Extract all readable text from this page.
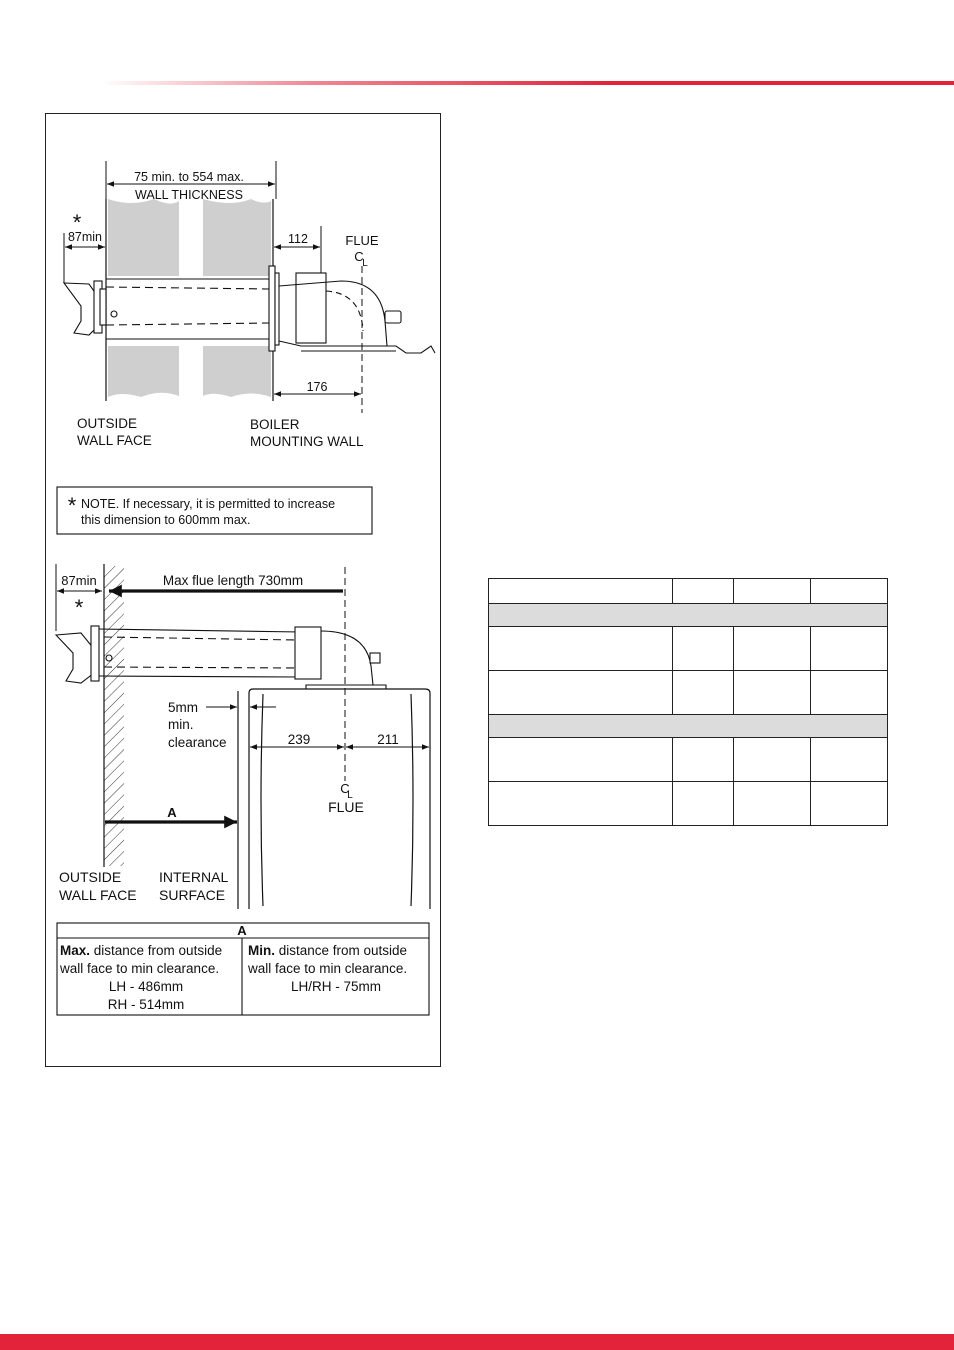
75 min. to 554 max.
WALL THICKNESS
*
87min	112	FLUE
C
L
176
OUTSIDE
WALL FACE
BOILER
MOUNTING WALL
* NOTE. If necessary, it is permitted to increase
this dimension to 600mm max.
87min
*
Max flue length 730mm
5mm
min.
clearance	239	211
C
L
FLUE
A
OUTSIDE
WALL FACE
INTERNAL
SURFACE
A
Max. distance from outside
wall face to min clearance.
LH - 486mm
RH - 514mm
Min. distance from outside
wall face to min clearance.
LH/RH - 75mm
